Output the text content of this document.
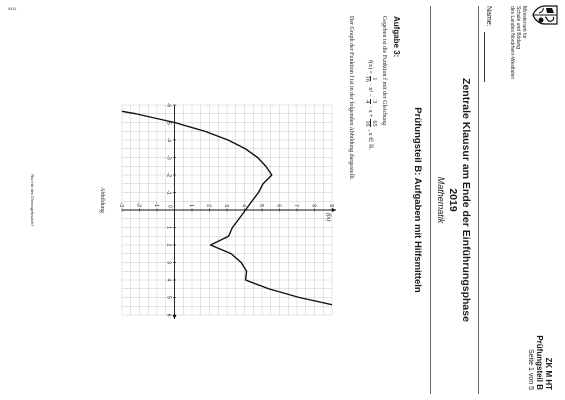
0411	Ministerium für
Schule und Bildung
des Landes Nordrhein-Westfalen
ZK M HT
Prüfungsteil B
Seite 1 von 5
Name:
Zentrale Klausur am Ende der Einführungsphase
2019
Mathematik
Prüfungsteil B: Aufgaben mit Hilfsmitteln
Aufgabe 3:
Gegeben ist die Funktion f mit der Gleichung
f(x) =
1
16
· x³ −
3
4
· x +
65
16
, x ∈ ℝ.
Der Graph der Funktion f ist in der folgenden Abbildung dargestellt.
-6
-5
-4
-3
-2
-1
0
1
2
3
4
5
6
9
8
7
6
5
4
3
2
1
-1
-2
-3
f(x)
Abbildung
Nur für den Dienstgebrauch!
